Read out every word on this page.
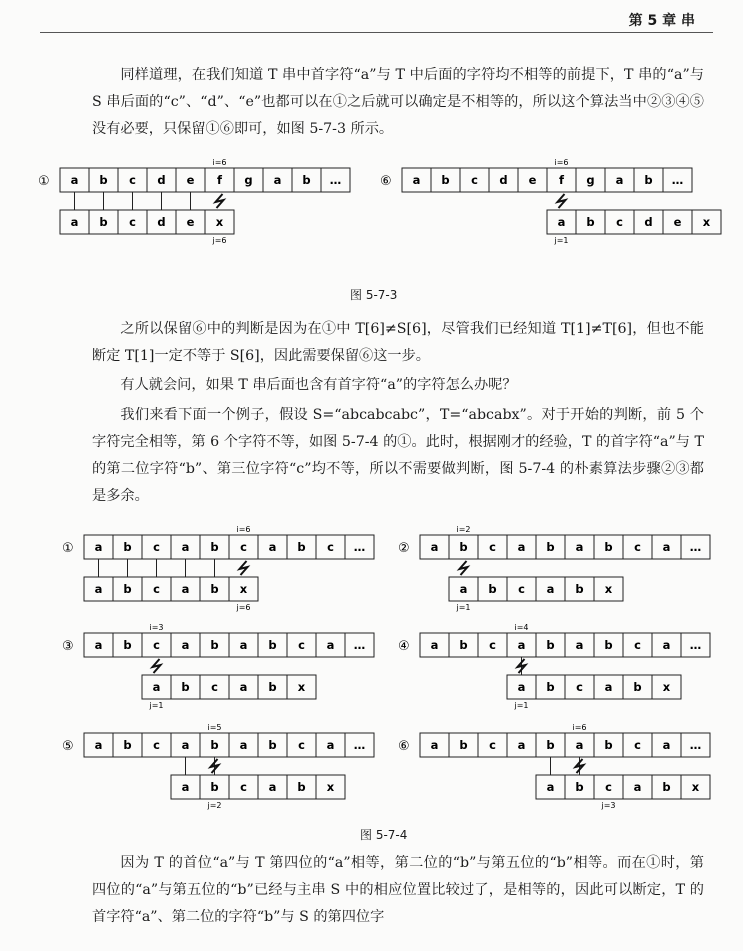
第 5 章 串

同样道理，在我们知道 T 串中首字符“a”与 T 中后面的字符均不相等的前提下，T 串的“a”与 S 串后面的“c”、“d”、“e”也都可以在①之后就可以确定是不相等的，所以这个算法当中②③④⑤没有必要，只保留①⑥即可，如图 5-7-3 所示。

① a b c d e f g a b …
a b c d e x
i=6
j=6
⑥ a b c d e f g a b …
a b c d e x
i=6
j=1
图 5-7-3

之所以保留⑥中的判断是因为在①中 T[6]≠S[6]，尽管我们已经知道 T[1]≠T[6]，但也不能断定 T[1]一定不等于 S[6]，因此需要保留⑥这一步。

有人就会问，如果 T 串后面也含有首字符“a”的字符怎么办呢？

我们来看下面一个例子，假设 S=“abcabcabc”，T=“abcabx”。对于开始的判断，前 5 个字符完全相等，第 6 个字符不等，如图 5-7-4 的①。此时，根据刚才的经验，T 的首字符“a”与 T 的第二位字符“b”、第三位字符“c”均不等，所以不需要做判断，图 5-7-4 的朴素算法步骤②③都是多余。

① a b c a b c a b c …
a b c a b x
i=6
j=6
② a b c a b a b c a …
a b c a b x
i=2
j=1
③ a b c a b a b c a …
a b c a b x
i=3
j=1
④ a b c a b a b c a …
a b c a b x
i=4
j=1
⑤ a b c a b a b c a …
a b c a b x
i=5
j=2
⑥ a b c a b a b c a …
a b c a b x
i=6
j=3
图 5-7-4

因为 T 的首位“a”与 T 第四位的“a”相等，第二位的“b”与第五位的“b”相等。而在①时，第四位的“a”与第五位的“b”已经与主串 S 中的相应位置比较过了，是相等的，因此可以断定，T 的首字符“a”、第二位的字符“b”与 S 的第四位字
